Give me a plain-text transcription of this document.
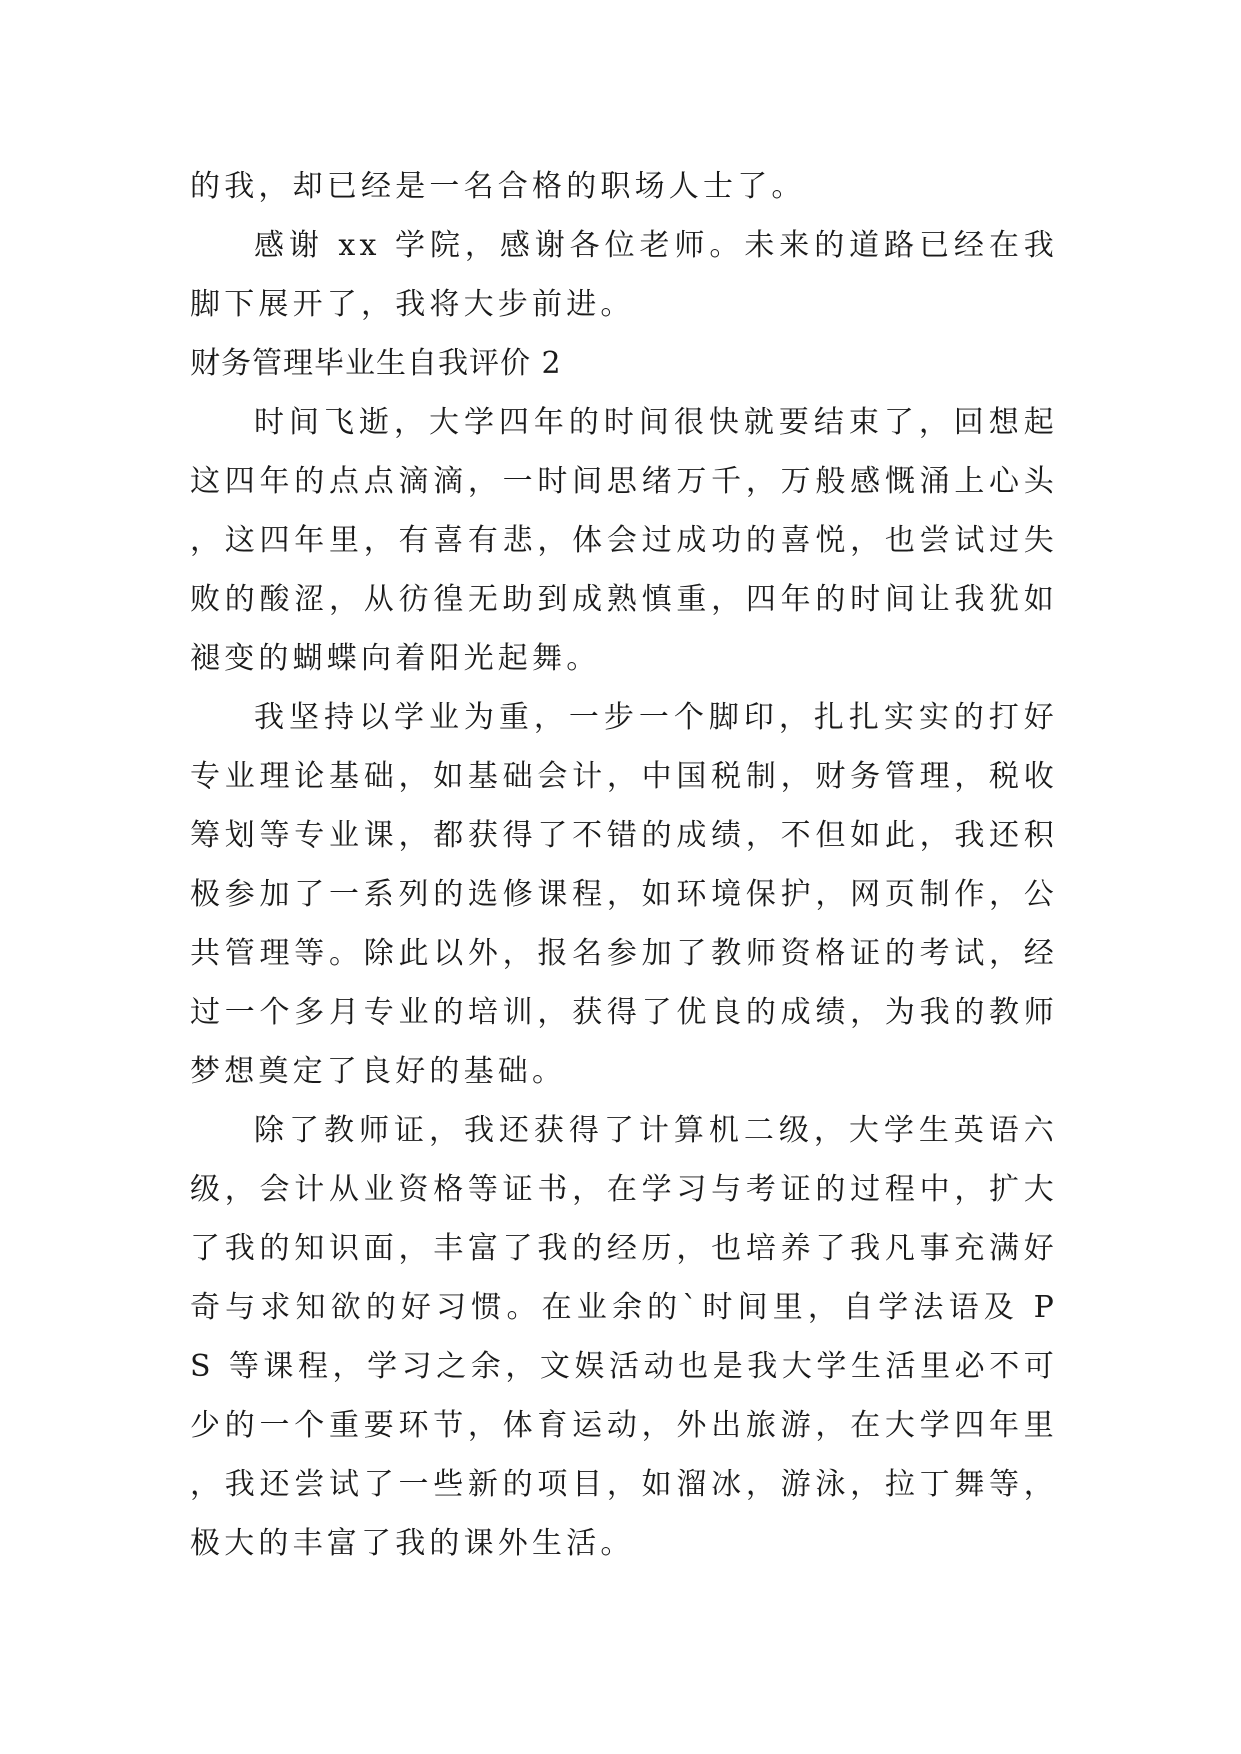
的我，却已经是一名合格的职场人士了。

感谢 xx 学院，感谢各位老师。未来的道路已经在我脚下展开了，我将大步前进。

财务管理毕业生自我评价 2

时间飞逝，大学四年的时间很快就要结束了，回想起这四年的点点滴滴，一时间思绪万千，万般感慨涌上心头，这四年里，有喜有悲，体会过成功的喜悦，也尝试过失败的酸涩，从彷徨无助到成熟慎重，四年的时间让我犹如褪变的蝴蝶向着阳光起舞。

我坚持以学业为重，一步一个脚印，扎扎实实的打好专业理论基础，如基础会计，中国税制，财务管理，税收筹划等专业课，都获得了不错的成绩，不但如此，我还积极参加了一系列的选修课程，如环境保护，网页制作，公共管理等。除此以外，报名参加了教师资格证的考试，经过一个多月专业的培训，获得了优良的成绩，为我的教师梦想奠定了良好的基础。

除了教师证，我还获得了计算机二级，大学生英语六级，会计从业资格等证书，在学习与考证的过程中，扩大了我的知识面，丰富了我的经历，也培养了我凡事充满好奇与求知欲的好习惯。在业余的`时间里，自学法语及 PS 等课程，学习之余，文娱活动也是我大学生活里必不可少的一个重要环节，体育运动，外出旅游，在大学四年里，我还尝试了一些新的项目，如溜冰，游泳，拉丁舞等，极大的丰富了我的课外生活。
